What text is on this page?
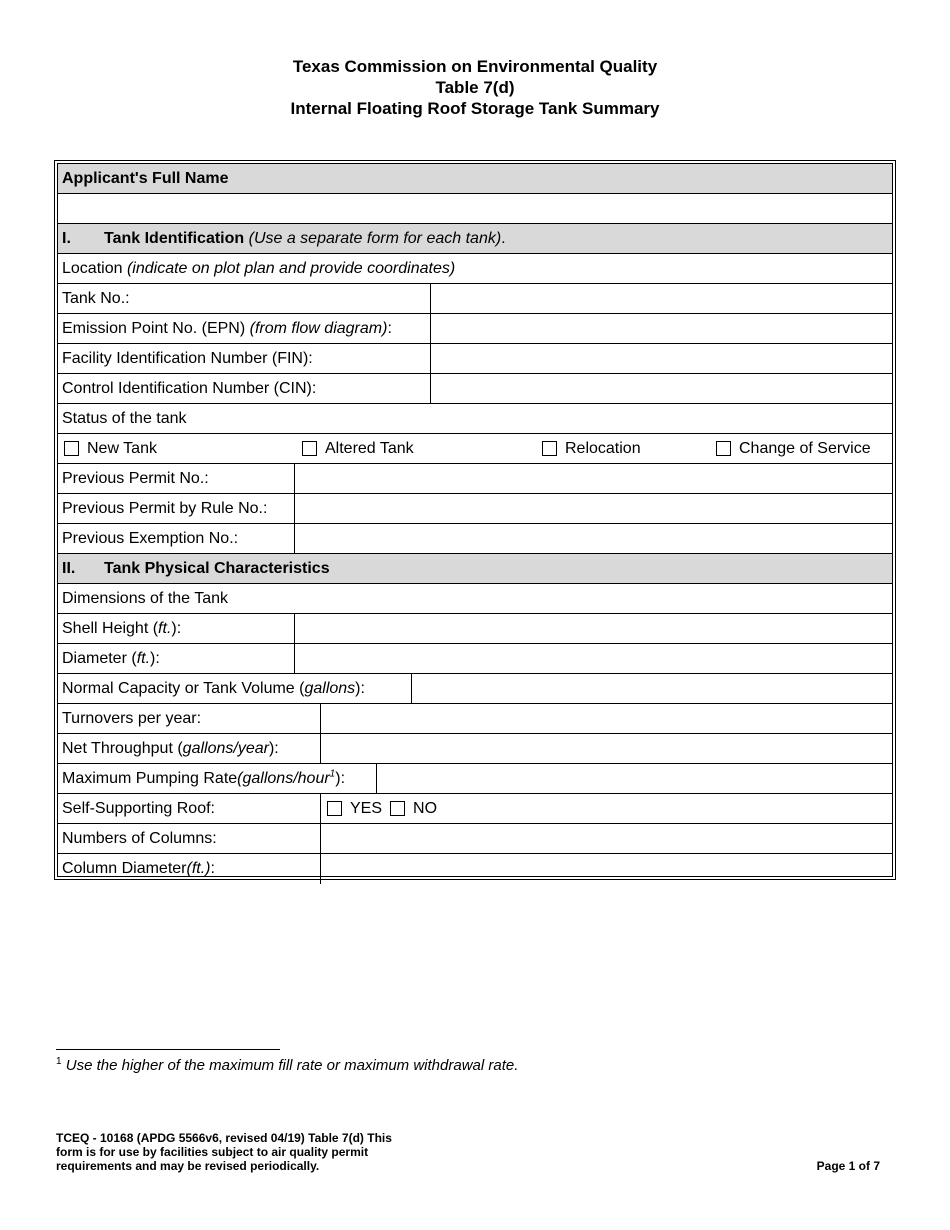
Texas Commission on Environmental Quality
Table 7(d)
Internal Floating Roof Storage Tank Summary
Applicant's Full Name
I.	Tank Identification
(Use a separate form for each tank) .
Location
(indicate on plot plan and provide coordinates)
Tank No.:
Emission Point No. (EPN)
(from flow diagram) :
Facility Identification Number (FIN):
Control Identification Number (CIN):
Status of the tank
New Tank	Altered Tank	Relocation	Change of Service
Previous Permit No.:
Previous Permit by Rule No.:
Previous Exemption No.:
II.	Tank Physical Characteristics
Dimensions of the Tank
Shell Height ( ft. ):
Diameter ( ft. ):
Normal Capacity or Tank Volume ( gallons ):
Turnovers per year:
Net Throughput ( gallons/year ):
Maximum Pumping Rate (gallons/hour$^1$ ):
Self-Supporting Roof:	YES NO
Numbers of Columns:
Column Diameter (ft.) :
$^1$ Use the higher of the maximum fill rate or maximum withdrawal rate.
TCEQ - 10168 (APDG 5566v6, revised 04/19) Table 7(d) This
form is for use by facilities subject to air quality permit
requirements and may be revised periodically.	Page 1 of 7
